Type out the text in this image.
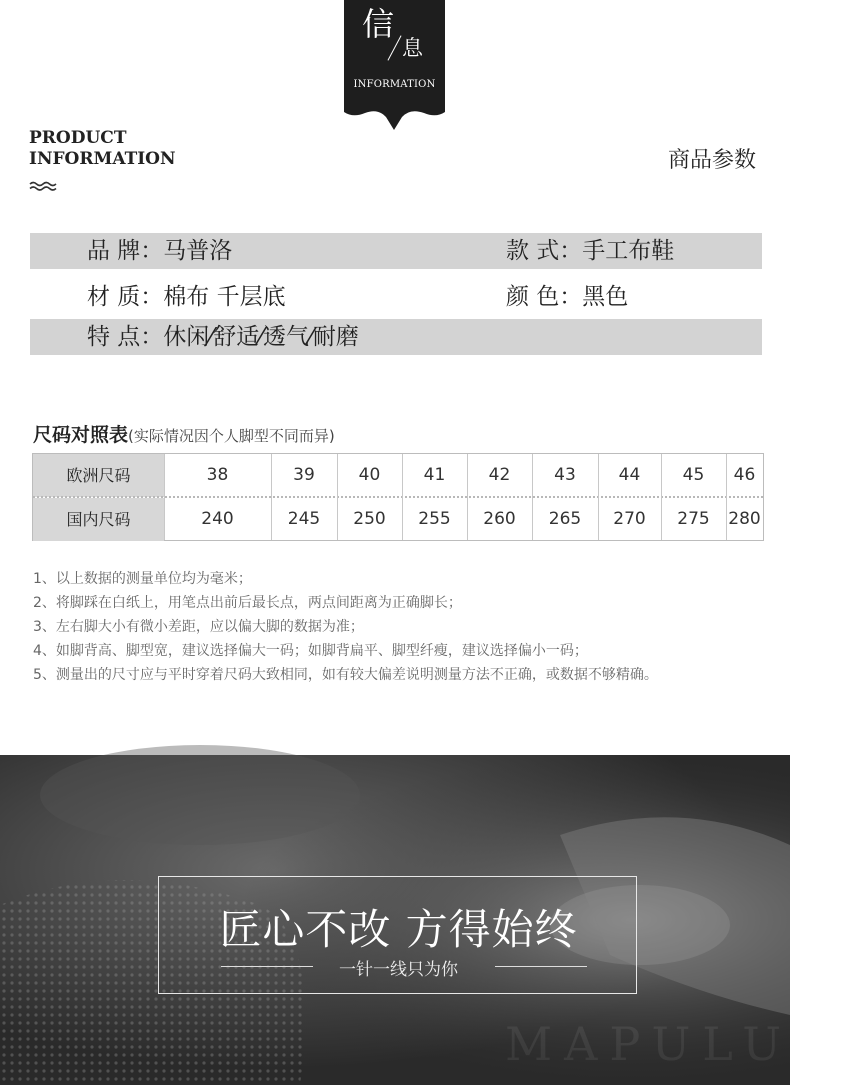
信
息
INFORMATION
PRODUCT
INFORMATION	商品参数
品 牌：马普洛	款 式：手工布鞋
材 质：棉布 千层底	颜 色：黑色
特 点：休闲⁄舒适⁄透气⁄耐磨
尺码对照表(实际情况因个人脚型不同而异)
欧洲尺码	38	39	40	41	42	43	44	45	46
国内尺码	240	245	250	255	260	265	270	275	280
1、以上数据的测量单位均为毫米；
2、将脚踩在白纸上，用笔点出前后最长点，两点间距离为正确脚长；
3、左右脚大小有微小差距，应以偏大脚的数据为准；
4、如脚背高、脚型宽，建议选择偏大一码；如脚背扁平、脚型纤瘦，建议选择偏小一码；
5、测量出的尺寸应与平时穿着尺码大致相同，如有较大偏差说明测量方法不正确，或数据不够精确。
匠心不改 方得始终
一针一线只为你
MAPULUO
